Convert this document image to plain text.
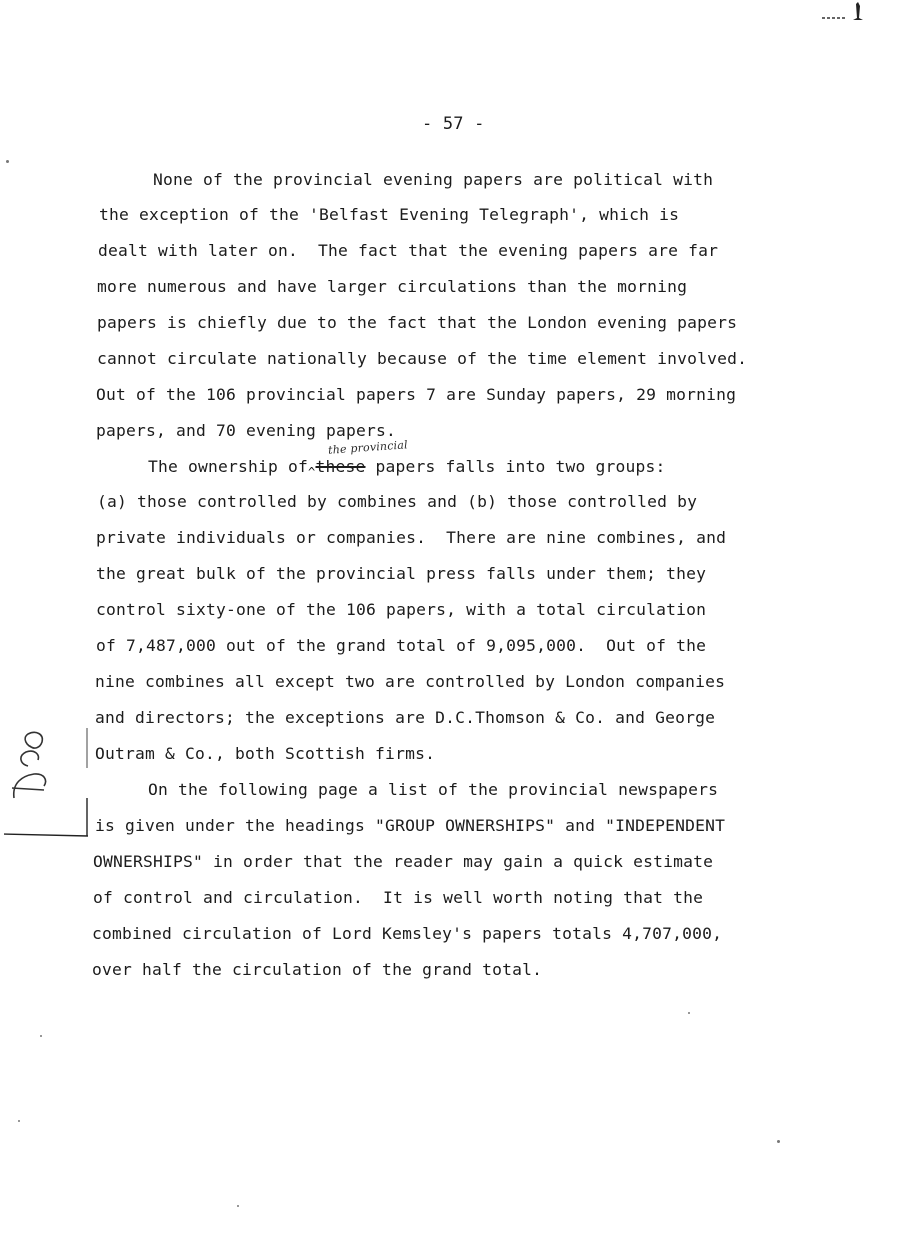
- 57 -
None of the provincial evening papers are political with
the exception of the 'Belfast Evening Telegraph', which is
dealt with later on.  The fact that the evening papers are far
more numerous and have larger circulations than the morning
papers is chiefly due to the fact that the London evening papers
cannot circulate nationally because of the time element involved.
Out of the 106 provincial papers 7 are Sunday papers, 29 morning
papers, and 70 evening papers.
The ownership $of_{\^{}}these$ papers falls into two groups:
(a) those controlled by combines and (b) those controlled by
private individuals or companies.  There are nine combines, and
the great bulk of the provincial press falls under them; they
control sixty-one of the 106 papers, with a total circulation
of 7,487,000 out of the grand total of 9,095,000.  Out of the
nine combines all except two are controlled by London companies
and directors; the exceptions are D.C.Thomson & Co. and George
Outram & Co., both Scottish firms.
On the following page a list of the provincial newspapers
is given under the headings "GROUP OWNERSHIPS" and "INDEPENDENT
OWNERSHIPS" in order that the reader may gain a quick estimate
of control and circulation.  It is well worth noting that the
combined circulation of Lord Kemsley's papers totals 4,707,000,
over half the circulation of the grand total.
the provincial
